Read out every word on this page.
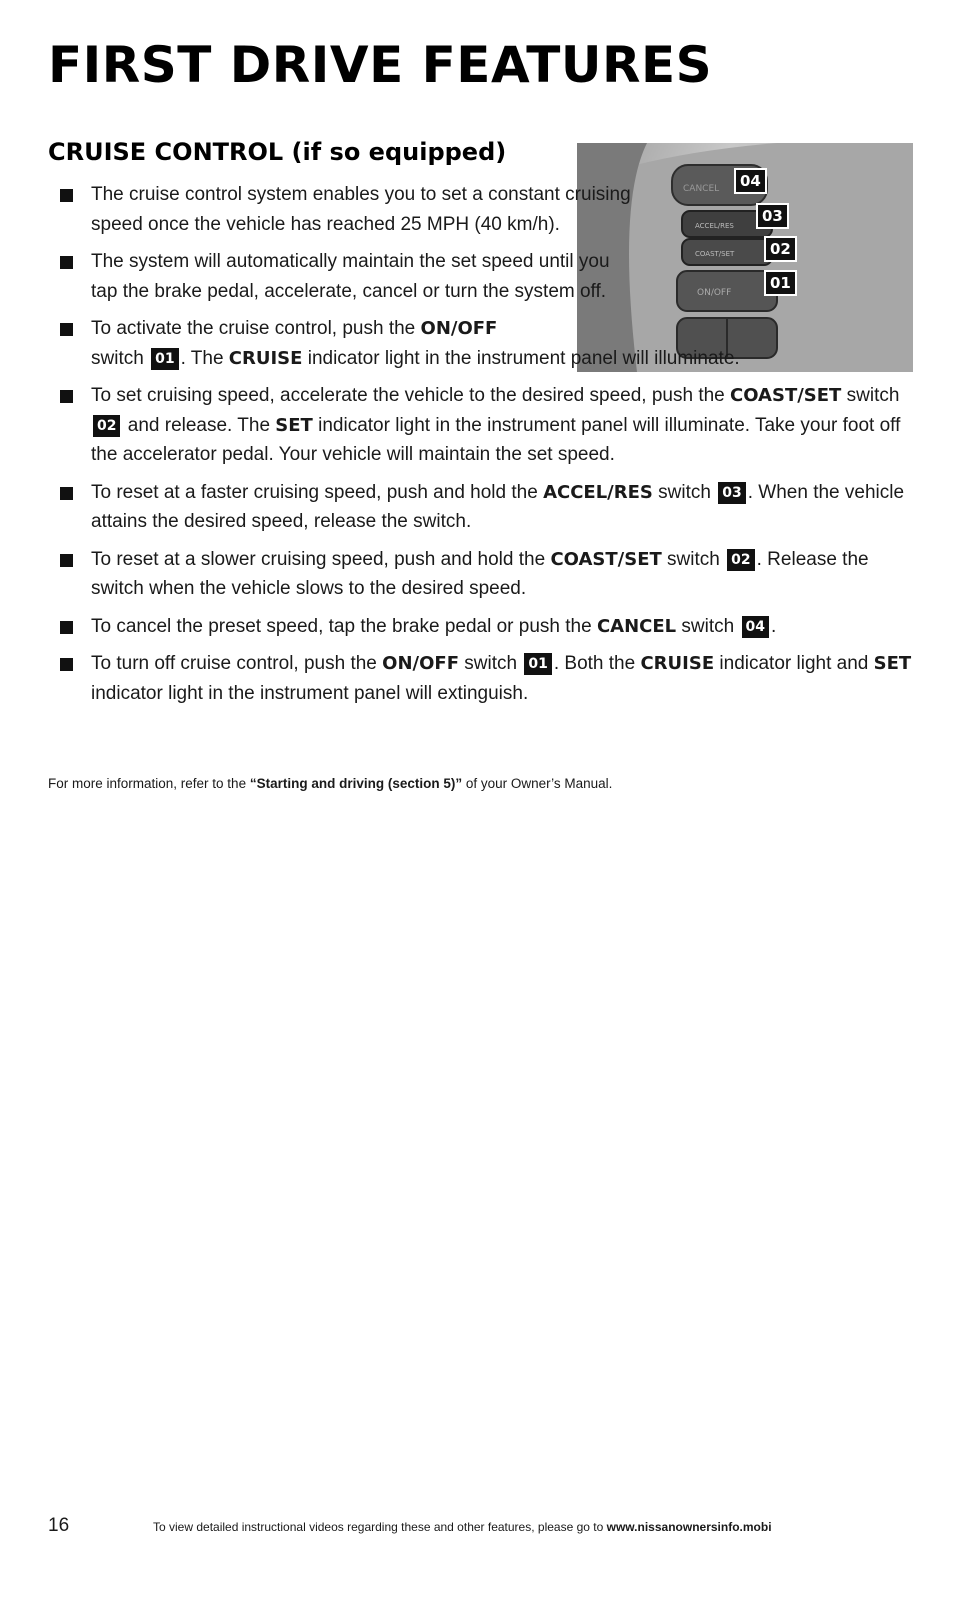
FIRST DRIVE FEATURES
CRUISE CONTROL (if so equipped)
CANCEL
ACCEL/RES
COAST/SET
ON/OFF
04
03
02
01
The cruise control system enables you to set a constant cruising speed once the vehicle has reached 25 MPH (40 km/h).
The system will automatically maintain the set speed until you tap the brake pedal, accelerate, cancel or turn the system off.
To activate the cruise control, push the ON/OFF
switch 01 . The CRUISE indicator light in the instrument panel will illuminate.
To set cruising speed, accelerate the vehicle to the desired speed, push the COAST/SET switch 02 and release. The SET indicator light in the instrument panel will illuminate. Take your foot off the accelerator pedal. Your vehicle will maintain the set speed.
To reset at a faster cruising speed, push and hold the ACCEL/RES switch 03 . When the vehicle attains the desired speed, release the switch.
To reset at a slower cruising speed, push and hold the COAST/SET switch 02 . Release the switch when the vehicle slows to the desired speed.
To cancel the preset speed, tap the brake pedal or push the CANCEL switch 04 .
To turn off cruise control, push the ON/OFF switch 01 . Both the CRUISE indicator light and SET indicator light in the instrument panel will extinguish.

For more information, refer to the “Starting and driving (section 5)” of your Owner’s Manual.

16	To view detailed instructional videos regarding these and other features, please go to www.nissanownersinfo.mobi
